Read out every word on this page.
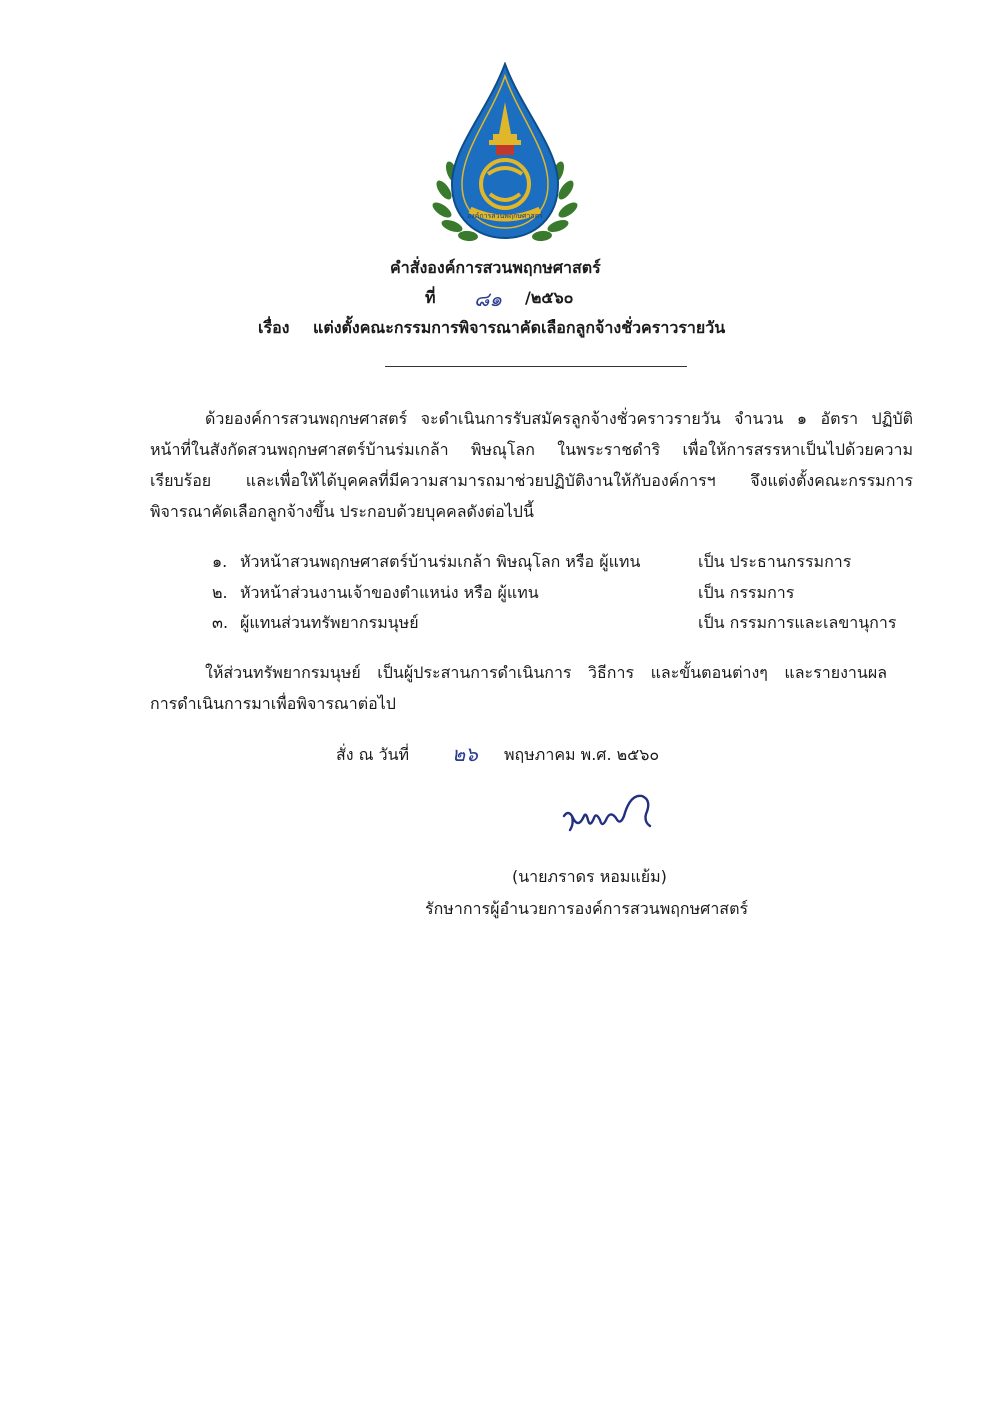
องค์การสวนพฤกษศาสตร์
คำสั่งองค์การสวนพฤกษศาสตร์
ที่ ๘๑ /๒๕๖๐
เรื่อง แต่งตั้งคณะกรรมการพิจารณาคัดเลือกลูกจ้างชั่วคราวรายวัน
ด้วยองค์การสวนพฤกษศาสตร์ จะดำเนินการรับสมัครลูกจ้างชั่วคราวรายวัน จำนวน ๑ อัตรา ปฏิบัติ
หน้าที่ในสังกัดสวนพฤกษศาสตร์บ้านร่มเกล้า พิษณุโลก ในพระราชดำริ เพื่อให้การสรรหาเป็นไปด้วยความ
เรียบร้อย และเพื่อให้ได้บุคคลที่มีความสามารถมาช่วยปฏิบัติงานให้กับองค์การฯ จึงแต่งตั้งคณะกรรมการ
พิจารณาคัดเลือกลูกจ้างขึ้น ประกอบด้วยบุคคลดังต่อไปนี้
๑. หัวหน้าสวนพฤกษศาสตร์บ้านร่มเกล้า พิษณุโลก หรือ ผู้แทน	เป็น ประธานกรรมการ
๒. หัวหน้าส่วนงานเจ้าของตำแหน่ง หรือ ผู้แทน	เป็น กรรมการ
๓. ผู้แทนส่วนทรัพยากรมนุษย์	เป็น กรรมการและเลขานุการ
ให้ส่วนทรัพยากรมนุษย์ เป็นผู้ประสานการดำเนินการ วิธีการ และขั้นตอนต่างๆ และรายงานผล
การดำเนินการมาเพื่อพิจารณาต่อไป
สั่ง ณ วันที่ ๒๖ พฤษภาคม พ.ศ. ๒๕๖๐
(นายภราดร หอมแย้ม)
รักษาการผู้อำนวยการองค์การสวนพฤกษศาสตร์
